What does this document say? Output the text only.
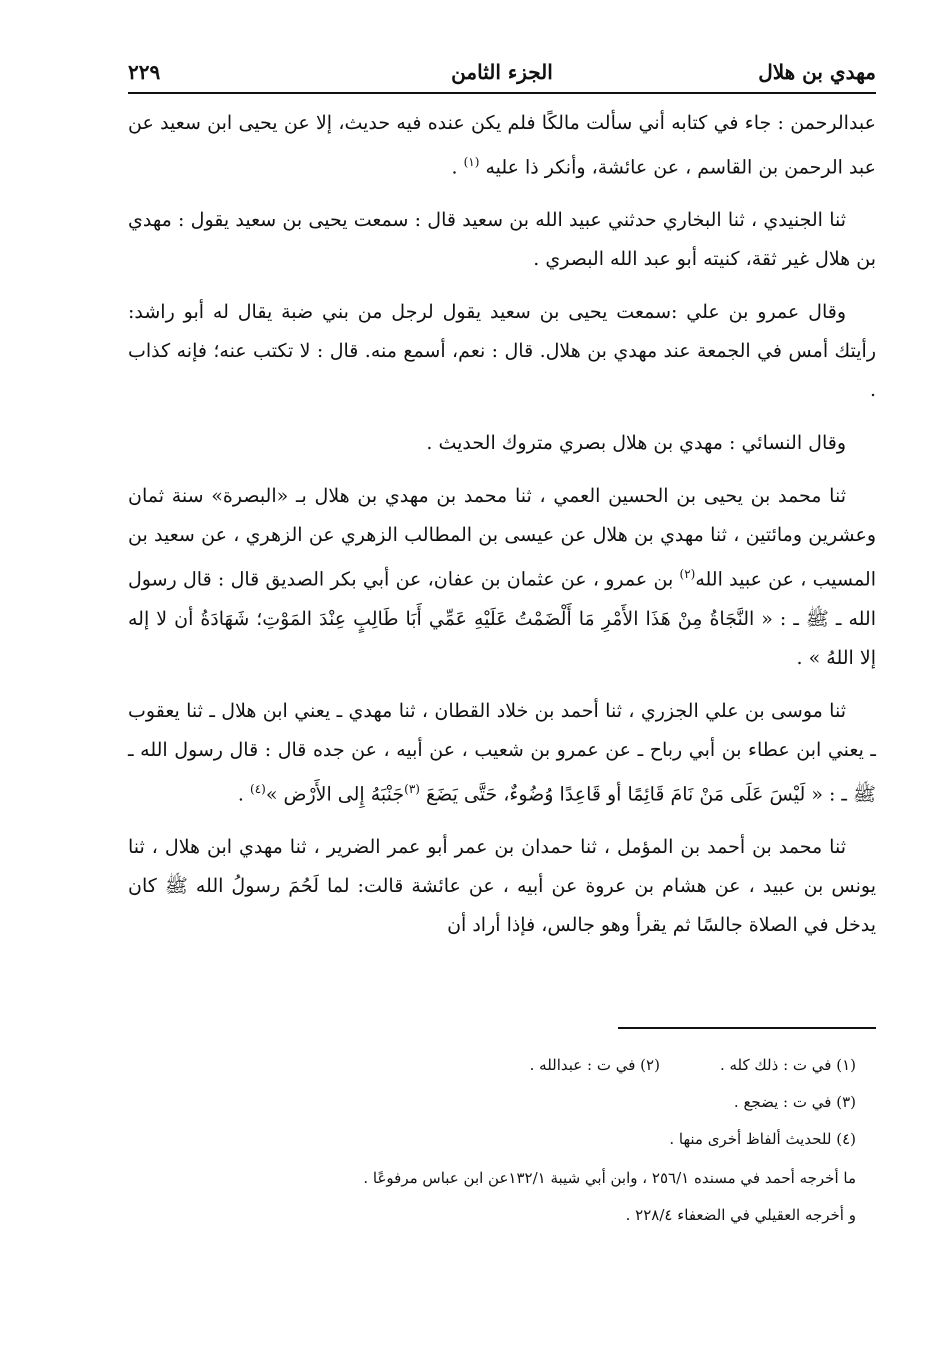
مهدي بن هلال
الجزء الثامن
٢٢٩

عبدالرحمن : جاء في كتابه أني سألت مالكًا فلم يكن عنده فيه حديث، إلا عن يحيى ابن سعيد عن عبد الرحمن بن القاسم ، عن عائشة، وأنكر ذا عليه $^{(١)}$ .

ثنا الجنيدي ، ثنا البخاري حدثني عبيد الله بن سعيد قال : سمعت يحيى بن سعيد يقول : مهدي بن هلال غير ثقة، كنيته أبو عبد الله البصري .

وقال عمرو بن علي :سمعت يحيى بن سعيد يقول لرجل من بني ضبة يقال له أبو راشد: رأيتك أمس في الجمعة عند مهدي بن هلال. قال : نعم، أسمع منه. قال : لا تكتب عنه؛ فإنه كذاب .

وقال النسائي : مهدي بن هلال بصري متروك الحديث .

ثنا محمد بن يحيى بن الحسين العمي ، ثنا محمد بن مهدي بن هلال بـ «البصرة» سنة ثمان وعشرين ومائتين ، ثنا مهدي بن هلال عن عيسى بن المطالب الزهري عن الزهري ، عن سعيد بن المسيب ، عن عبيد الله$^{(٢)}$ بن عمرو ، عن عثمان بن عفان، عن أبي بكر الصديق قال : قال رسول الله ـ ﷺ ـ : « النَّجَاةُ مِنْ هَذَا الأَمْرِ مَا أَلْضَمْتُ عَلَيْهِ عَمِّي أَبَا طَالِبٍ عِنْدَ المَوْتِ؛ شَهَادَةُ أن لا إله إلا اللهُ » .

ثنا موسى بن علي الجزري ، ثنا أحمد بن خلاد القطان ، ثنا مهدي ـ يعني ابن هلال ـ ثنا يعقوب ـ يعني ابن عطاء بن أبي رباح ـ عن عمرو بن شعيب ، عن أبيه ، عن جده قال : قال رسول الله ـ ﷺ ـ : « لَيْسَ عَلَى مَنْ نَامَ قَائِمًا أو قَاعِدًا وُضُوءٌ، حَتَّى يَضَعَ $^{(٣)}$جَنْبَهُ إِلى الأَرْض »$^{(٤)}$ .

ثنا محمد بن أحمد بن المؤمل ، ثنا حمدان بن عمر أبو عمر الضرير ، ثنا مهدي ابن هلال ، ثنا يونس بن عبيد ، عن هشام بن عروة عن أبيه ، عن عائشة قالت: لما لَحُمَ رسولُ الله ﷺ كان يدخل في الصلاة جالسًا ثم يقرأ وهو جالس، فإذا أراد أن

(١) في ت : ذلك كله .
(٢) في ت : عبدالله .
(٣) في ت : يضجع .
(٤) للحديث ألفاظ أخرى منها .
ما أخرجه أحمد في مسنده ٢٥٦/١ ، وابن أبي شيبة ١٣٢/١عن ابن عباس مرفوعًا .
و أخرجه العقيلي في الضعفاء ٢٢٨/٤ .
